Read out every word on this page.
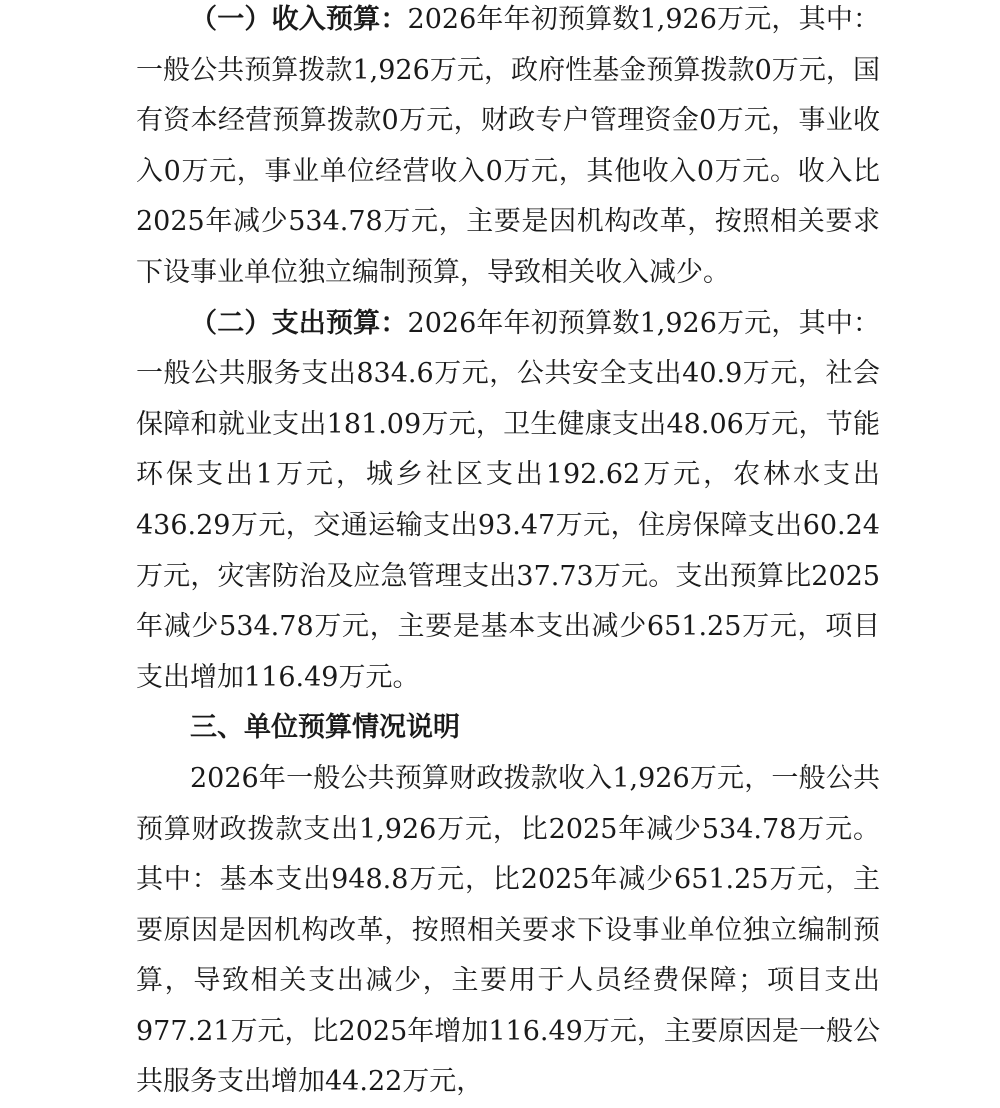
（一）收入预算：2026年年初预算数1,926万元，其中：一般公共预算拨款1,926万元，政府性基金预算拨款0万元，国有资本经营预算拨款0万元，财政专户管理资金0万元，事业收入0万元，事业单位经营收入0万元，其他收入0万元。收入比2025年减少534.78万元，主要是因机构改革，按照相关要求下设事业单位独立编制预算，导致相关收入减少。

（二）支出预算：2026年年初预算数1,926万元，其中：一般公共服务支出834.6万元，公共安全支出40.9万元，社会保障和就业支出181.09万元，卫生健康支出48.06万元，节能环保支出1万元，城乡社区支出192.62万元，农林水支出436.29万元，交通运输支出93.47万元，住房保障支出60.24万元，灾害防治及应急管理支出37.73万元。支出预算比2025年减少534.78万元，主要是基本支出减少651.25万元，项目支出增加116.49万元。

三、单位预算情况说明

2026年一般公共预算财政拨款收入1,926万元，一般公共预算财政拨款支出1,926万元，比2025年减少534.78万元。其中：基本支出948.8万元，比2025年减少651.25万元，主要原因是因机构改革，按照相关要求下设事业单位独立编制预算，导致相关支出减少，主要用于人员经费保障；项目支出977.21万元，比2025年增加116.49万元，主要原因是一般公共服务支出增加44.22万元，
